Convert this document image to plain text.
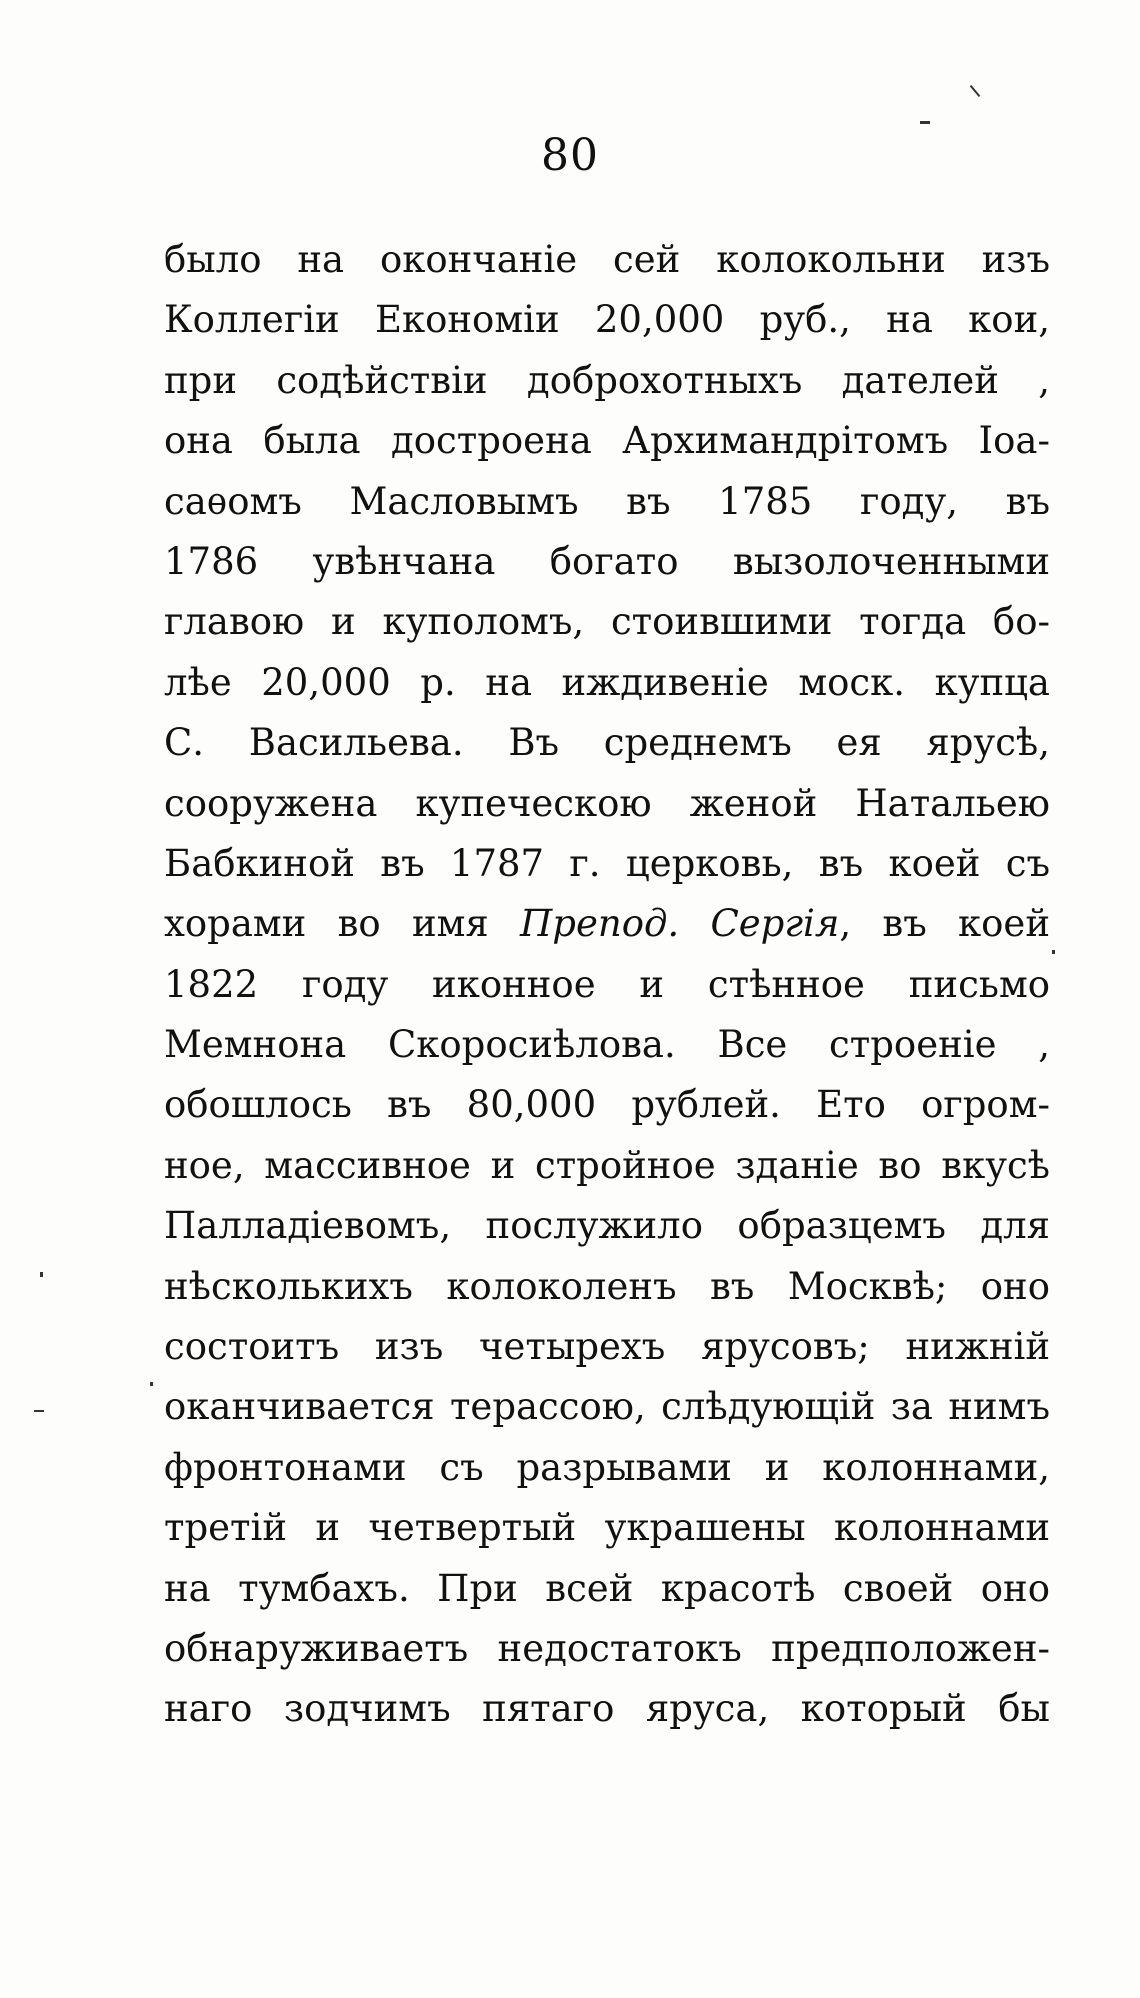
80
было на окончаніе сей колокольни изъ
Коллегіи Економіи 20,000 руб., на кои,
при содѣйствіи доброхотныхъ дателей ,
она была достроена Архимандрітомъ Іоа-
саѳомъ Масловымъ въ 1785 году, въ
1786 увѣнчана богато вызолоченными
главою и куполомъ, стоившими тогда бо-
лѣе 20,000 р. на иждивеніе моск. купца
С. Васильева. Въ среднемъ ея ярусѣ,
сооружена купеческою женой Натальею
Бабкиной въ 1787 г. церковь, въ коей съ
хорами во имя Препод. Сергія, въ коей
1822 году иконное и стѣнное письмо
Мемнона Скоросиѣлова. Все строеніе ,
обошлось въ 80,000 рублей. Ето огром-
ное, массивное и стройное зданіе во вкусѣ
Палладіевомъ, послужило образцемъ для
нѣсколькихъ колоколенъ въ Москвѣ; оно
состоитъ изъ четырехъ ярусовъ; нижній
оканчивается терассою, слѣдующій за нимъ
фронтонами съ разрывами и колоннами,
третій и четвертый украшены колоннами
на тумбахъ. При всей красотѣ своей оно
обнаруживаетъ недостатокъ предположен-
наго зодчимъ пятаго яруса, который бы
